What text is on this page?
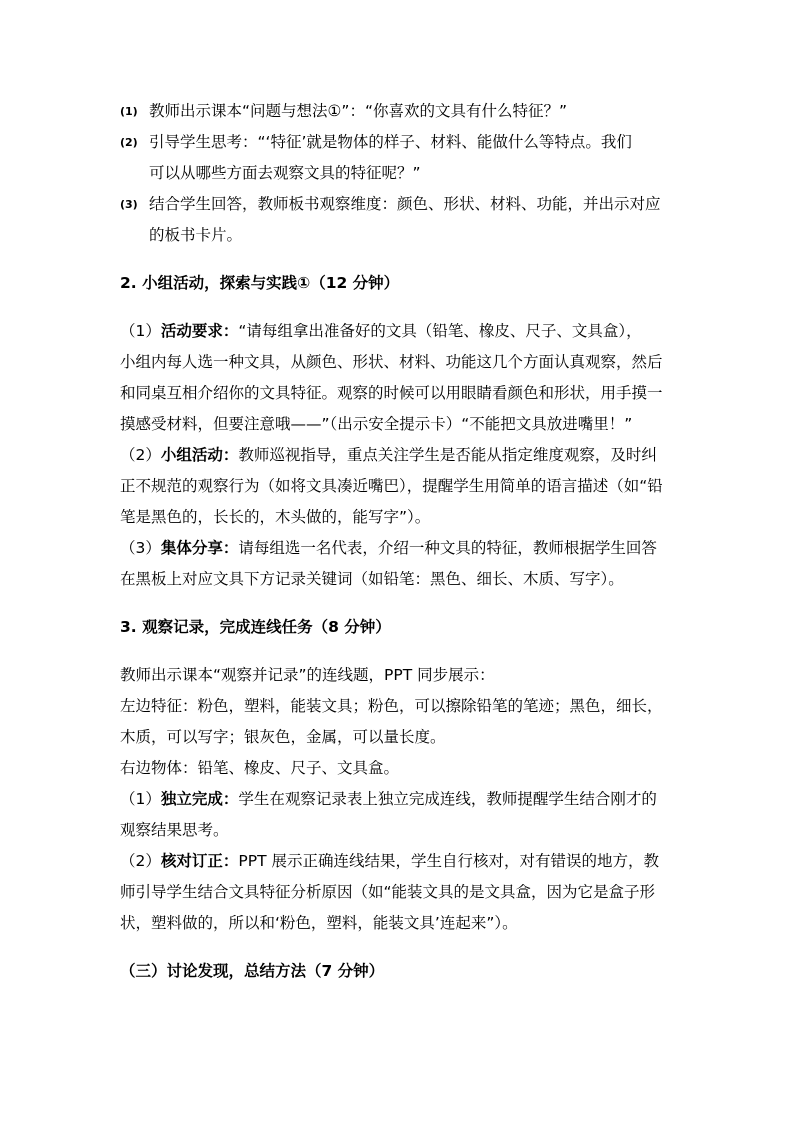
(1) 教师出示课本“问题与想法①”：“你喜欢的文具有什么特征？”
(2) 引导学生思考：“‘特征’就是物体的样子、材料、能做什么等特点。我们
可以从哪些方面去观察文具的特征呢？”
(3) 结合学生回答，教师板书观察维度：颜色、形状、材料、功能，并出示对应
的板书卡片。
2. 小组活动，探索与实践①（12 分钟）
（1）活动要求：“请每组拿出准备好的文具（铅笔、橡皮、尺子、文具盒），
小组内每人选一种文具，从颜色、形状、材料、功能这几个方面认真观察，然后
和同桌互相介绍你的文具特征。观察的时候可以用眼睛看颜色和形状，用手摸一
摸感受材料，但要注意哦——”（出示安全提示卡）“不能把文具放进嘴里！”
（2）小组活动：教师巡视指导，重点关注学生是否能从指定维度观察，及时纠
正不规范的观察行为（如将文具凑近嘴巴），提醒学生用简单的语言描述（如“铅
笔是黑色的，长长的，木头做的，能写字”）。
（3）集体分享：请每组选一名代表，介绍一种文具的特征，教师根据学生回答
在黑板上对应文具下方记录关键词（如铅笔：黑色、细长、木质、写字）。
3. 观察记录，完成连线任务（8 分钟）
教师出示课本“观察并记录”的连线题，PPT 同步展示：
左边特征：粉色，塑料，能装文具；粉色，可以擦除铅笔的笔迹；黑色，细长，
木质，可以写字；银灰色，金属，可以量长度。
右边物体：铅笔、橡皮、尺子、文具盒。
（1）独立完成：学生在观察记录表上独立完成连线，教师提醒学生结合刚才的
观察结果思考。
（2）核对订正：PPT 展示正确连线结果，学生自行核对，对有错误的地方，教
师引导学生结合文具特征分析原因（如“能装文具的是文具盒，因为它是盒子形
状，塑料做的，所以和‘粉色，塑料，能装文具’连起来”）。
（三）讨论发现，总结方法（7 分钟）
